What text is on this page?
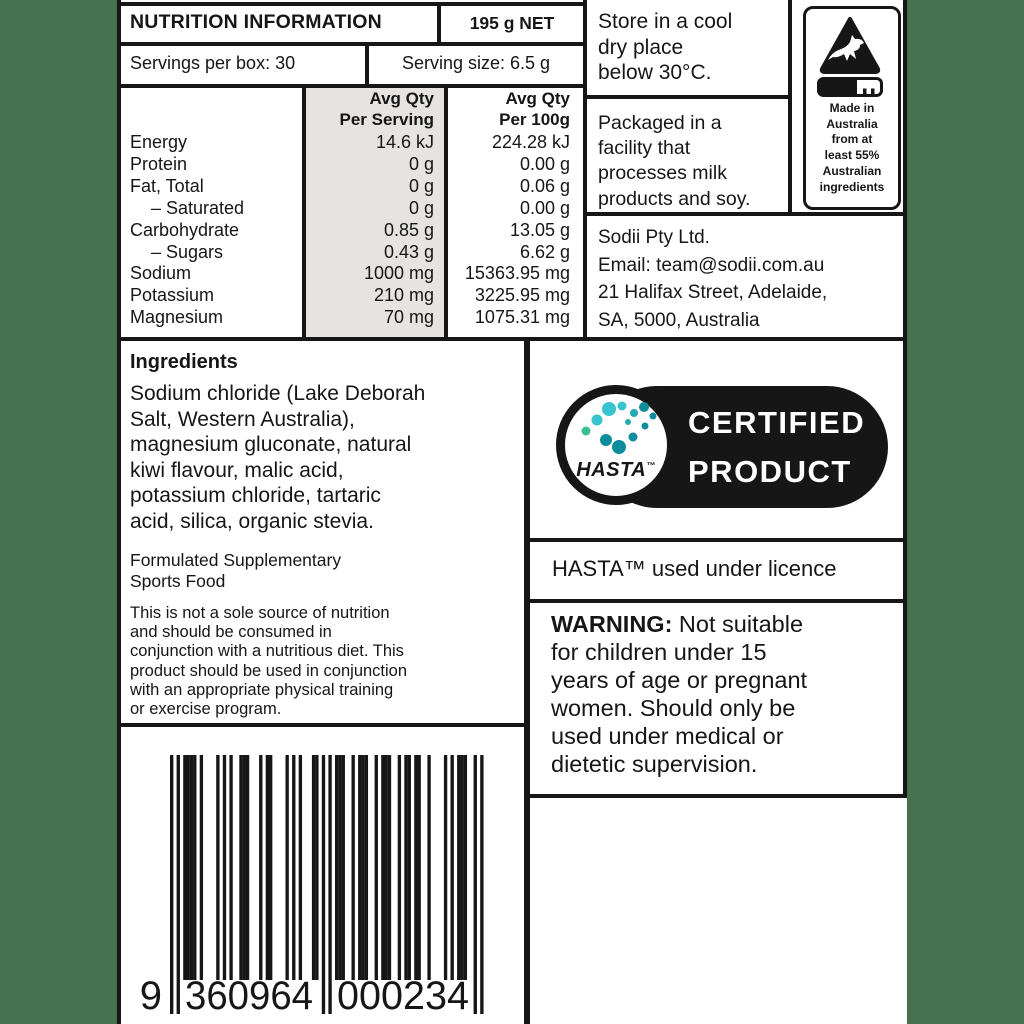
NUTRITION INFORMATION	195 g NET
Servings per box: 30	Serving size: 6.5 g
Avg Qty
Per Serving
Avg Qty
Per 100g
Energy	14.6 kJ	224.28 kJ
Protein	0 g	0.00 g
Fat, Total	0 g	0.06 g
– Saturated	0 g	0.00 g
Carbohydrate	0.85 g	13.05 g
– Sugars	0.43 g	6.62 g
Sodium	1000 mg 15363.95 mg
Potassium	210 mg 3225.95 mg
Magnesium	70 mg 1075.31 mg
Store in a cool
dry place
below 30°C.
Packaged in a
facility that
processes milk
products and soy.
Sodii Pty Ltd.
Email: team@sodii.com.au
21 Halifax Street, Adelaide,
SA, 5000, Australia
Made in
Australia
from at
least 55%
Australian
ingredients
Ingredients
Sodium chloride (Lake Deborah
Salt, Western Australia),
magnesium gluconate, natural
kiwi flavour, malic acid,
potassium chloride, tartaric
acid, silica, organic stevia.
Formulated Supplementary
Sports Food
This is not a sole source of nutrition
and should be consumed in
conjunction with a nutritious diet. This
product should be used in conjunction
with an appropriate physical training
or exercise program.
HASTA™
CERTIFIED
PRODUCT
HASTA™ used under licence
WARNING: Not suitable
for children under 15
years of age or pregnant
women. Should only be
used under medical or
dietetic supervision.
9 360964 000234
